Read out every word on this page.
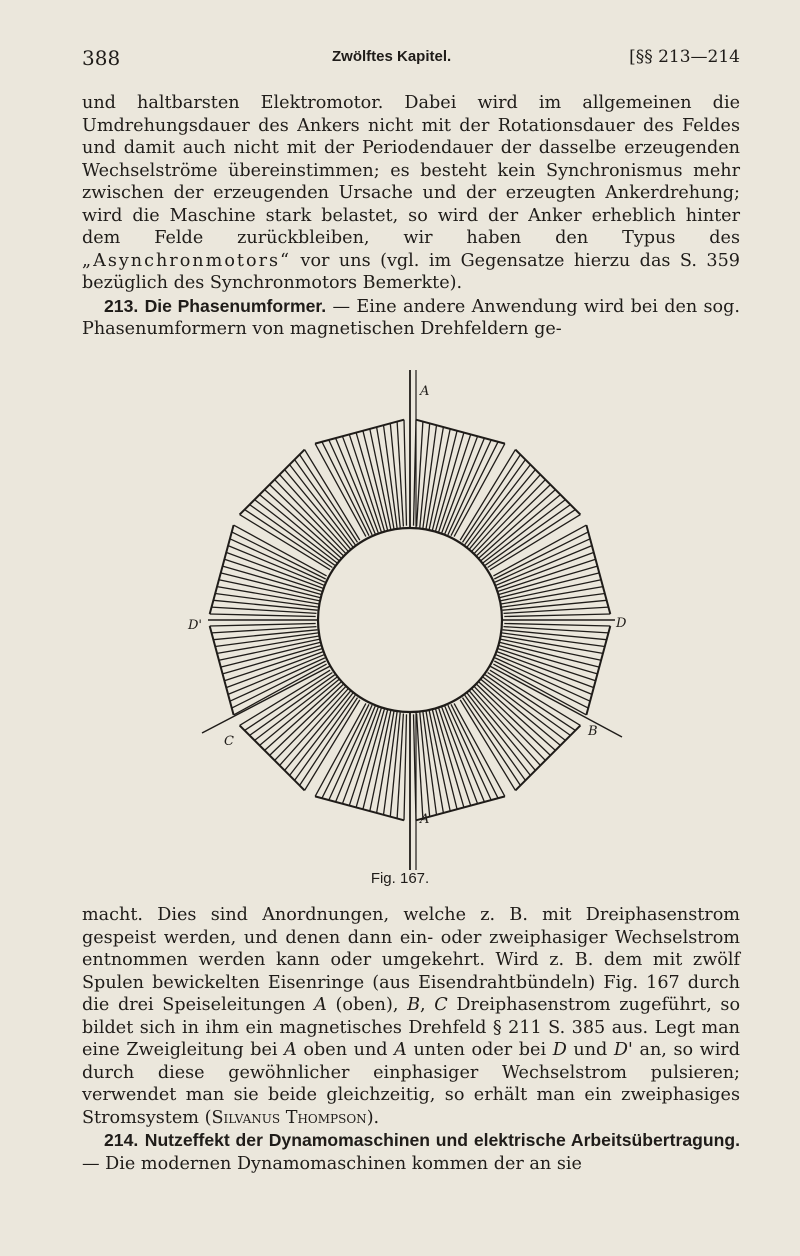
388	Zwölftes Kapitel.	[§§ 213—214

und haltbarsten Elektromotor. Dabei wird im allgemeinen die Umdrehungsdauer des Ankers nicht mit der Rotationsdauer des Feldes und damit auch nicht mit der Periodendauer der dasselbe erzeugenden Wechselströme übereinstimmen; es besteht kein Synchronismus mehr zwischen der erzeugenden Ursache und der erzeugten Ankerdrehung; wird die Maschine stark belastet, so wird der Anker erheblich hinter dem Felde zurückbleiben, wir haben den Typus des „Asynchronmotors“ vor uns (vgl. im Gegensatze hierzu das S. 359 bezüglich des Synchronmotors Bemerkte).
213. Die Phasenumformer. — Eine andere Anwendung wird bei den sog. Phasenumformern von magnetischen Drehfeldern ge-

A
A
D'	D
C
B
Fig. 167.

macht. Dies sind Anordnungen, welche z. B. mit Dreiphasenstrom gespeist werden, und denen dann ein- oder zweiphasiger Wechselstrom entnommen werden kann oder umgekehrt. Wird z. B. dem mit zwölf Spulen bewickelten Eisenringe (aus Eisendrahtbündeln) Fig. 167 durch die drei Speiseleitungen A (oben), B, C Dreiphasenstrom zugeführt, so bildet sich in ihm ein magnetisches Drehfeld § 211 S. 385 aus. Legt man eine Zweigleitung bei A oben und A unten oder bei D und D' an, so wird durch diese gewöhnlicher einphasiger Wechselstrom pulsieren; verwendet man sie beide gleichzeitig, so erhält man ein zweiphasiges Stromsystem (Silvanus Thompson).
214. Nutzeffekt der Dynamomaschinen und elektrische Arbeitsübertragung. — Die modernen Dynamomaschinen kommen der an sie
